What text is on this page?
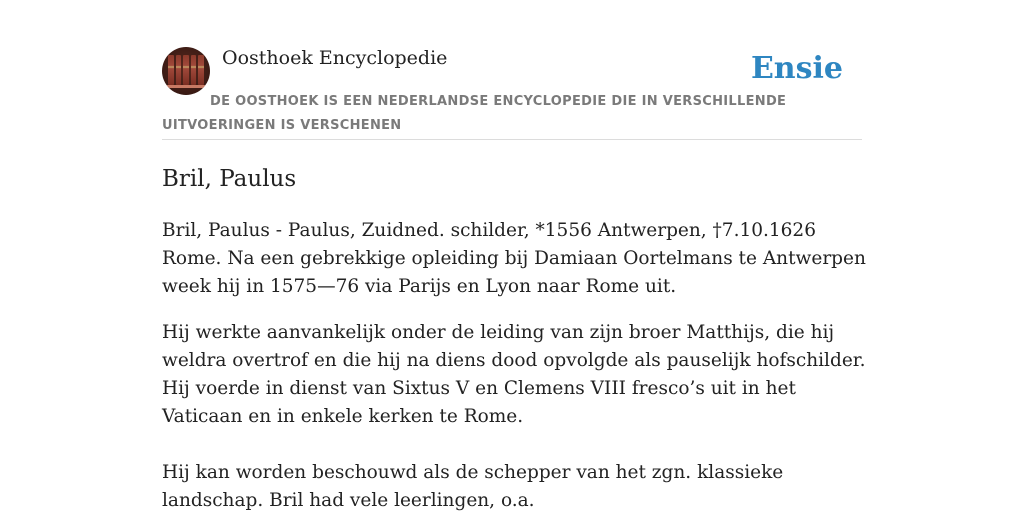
Oosthoek Encyclopedie	Ensie
DE OOSTHOEK IS EEN NEDERLANDSE ENCYCLOPEDIE DIE IN VERSCHILLENDE UITVOERINGEN IS VERSCHENEN
Bril, Paulus

Bril, Paulus - Paulus, Zuidned. schilder, *1556 Antwerpen, †7.10.1626 Rome. Na een gebrekkige opleiding bij Damiaan Oortelmans te Antwerpen week hij in 1575—76 via Parijs en Lyon naar Rome uit.

Hij werkte aanvankelijk onder de leiding van zijn broer Matthijs, die hij weldra overtrof en die hij na diens dood opvolgde als pauselijk hofschilder. Hij voerde in dienst van Sixtus V en Clemens VIII fresco’s uit in het Vaticaan en in enkele kerken te Rome.

Hij kan worden beschouwd als de schepper van het zgn. klassieke landschap. Bril had vele leerlingen, o.a.
